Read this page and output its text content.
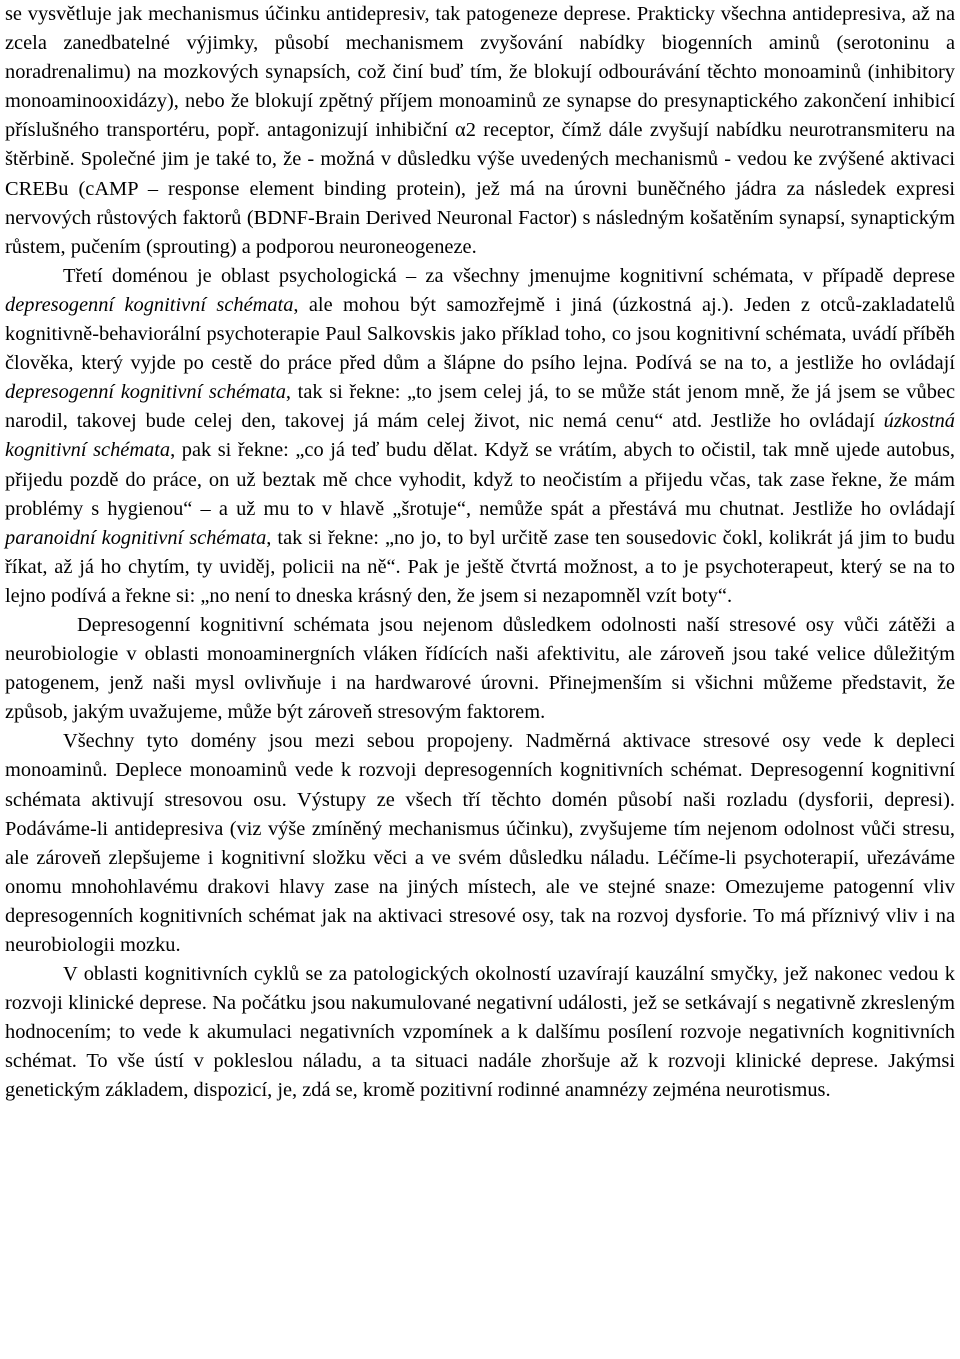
se vysvětluje jak mechanismus účinku antidepresiv, tak patogeneze deprese. Prakticky všechna antidepresiva, až na zcela zanedbatelné výjimky, působí mechanismem zvyšování nabídky biogenních aminů (serotoninu a noradrenalimu) na mozkových synapsích, což činí buď tím, že blokují odbourávání těchto monoaminů (inhibitory monoaminooxidázy), nebo že blokují zpětný příjem monoaminů ze synapse do presynaptického zakončení inhibicí příslušného transportéru, popř. antagonizují inhibiční α2 receptor, čímž dále zvyšují nabídku neurotransmiteru na štěrbině. Společné jim je také to, že - možná v důsledku výše uvedených mechanismů - vedou ke zvýšené aktivaci CREBu (cAMP – response element binding protein), jež má na úrovni buněčného jádra za následek expresi nervových růstových faktorů (BDNF-Brain Derived Neuronal Factor) s následným košatěním synapsí, synaptickým růstem, pučením (sprouting) a podporou neuroneogeneze.

Třetí doménou je oblast psychologická – za všechny jmenujme kognitivní schémata, v případě deprese depresogenní kognitivní schémata, ale mohou být samozřejmě i jiná (úzkostná aj.). Jeden z otců-zakladatelů kognitivně-behaviorální psychoterapie Paul Salkovskis jako příklad toho, co jsou kognitivní schémata, uvádí příběh člověka, který vyjde po cestě do práce před dům a šlápne do psího lejna. Podívá se na to, a jestliže ho ovládají depresogenní kognitivní schémata, tak si řekne: „to jsem celej já, to se může stát jenom mně, že já jsem se vůbec narodil, takovej bude celej den, takovej já mám celej život, nic nemá cenu“ atd. Jestliže ho ovládají úzkostná kognitivní schémata, pak si řekne: „co já teď budu dělat. Když se vrátím, abych to očistil, tak mně ujede autobus, přijedu pozdě do práce, on už beztak mě chce vyhodit, když to neočistím a přijedu včas, tak zase řekne, že mám problémy s hygienou“ – a už mu to v hlavě „šrotuje“, nemůže spát a přestává mu chutnat. Jestliže ho ovládají paranoidní kognitivní schémata, tak si řekne: „no jo, to byl určitě zase ten sousedovic čokl, kolikrát já jim to budu říkat, až já ho chytím, ty uviděj, policii na ně“. Pak je ještě čtvrtá možnost, a to je psychoterapeut, který se na to lejno podívá a řekne si: „no není to dneska krásný den, že jsem si nezapomněl vzít boty“.

Depresogenní kognitivní schémata jsou nejenom důsledkem odolnosti naší stresové osy vůči zátěži a neurobiologie v oblasti monoaminergních vláken řídících naši afektivitu, ale zároveň jsou také velice důležitým patogenem, jenž naši mysl ovlivňuje i na hardwarové úrovni. Přinejmenším si všichni můžeme představit, že způsob, jakým uvažujeme, může být zároveň stresovým faktorem.

Všechny tyto domény jsou mezi sebou propojeny. Nadměrná aktivace stresové osy vede k depleci monoaminů. Deplece monoaminů vede k rozvoji depresogenních kognitivních schémat. Depresogenní kognitivní schémata aktivují stresovou osu. Výstupy ze všech tří těchto domén působí naši rozladu (dysforii, depresi). Podáváme-li antidepresiva (viz výše zmíněný mechanismus účinku), zvyšujeme tím nejenom odolnost vůči stresu, ale zároveň zlepšujeme i kognitivní složku věci a ve svém důsledku náladu. Léčíme-li psychoterapií, uřezáváme onomu mnohohlavému drakovi hlavy zase na jiných místech, ale ve stejné snaze: Omezujeme patogenní vliv depresogenních kognitivních schémat jak na aktivaci stresové osy, tak na rozvoj dysforie. To má příznivý vliv i na neurobiologii mozku.

V oblasti kognitivních cyklů se za patologických okolností uzavírají kauzální smyčky, jež nakonec vedou k rozvoji klinické deprese. Na počátku jsou nakumulované negativní události, jež se setkávají s negativně zkresleným hodnocením; to vede k akumulaci negativních vzpomínek a k dalšímu posílení rozvoje negativních kognitivních schémat. To vše ústí v pokleslou náladu, a ta situaci nadále zhoršuje až k rozvoji klinické deprese. Jakýmsi genetickým základem, dispozicí, je, zdá se, kromě pozitivní rodinné anamnézy zejména neurotismus.
